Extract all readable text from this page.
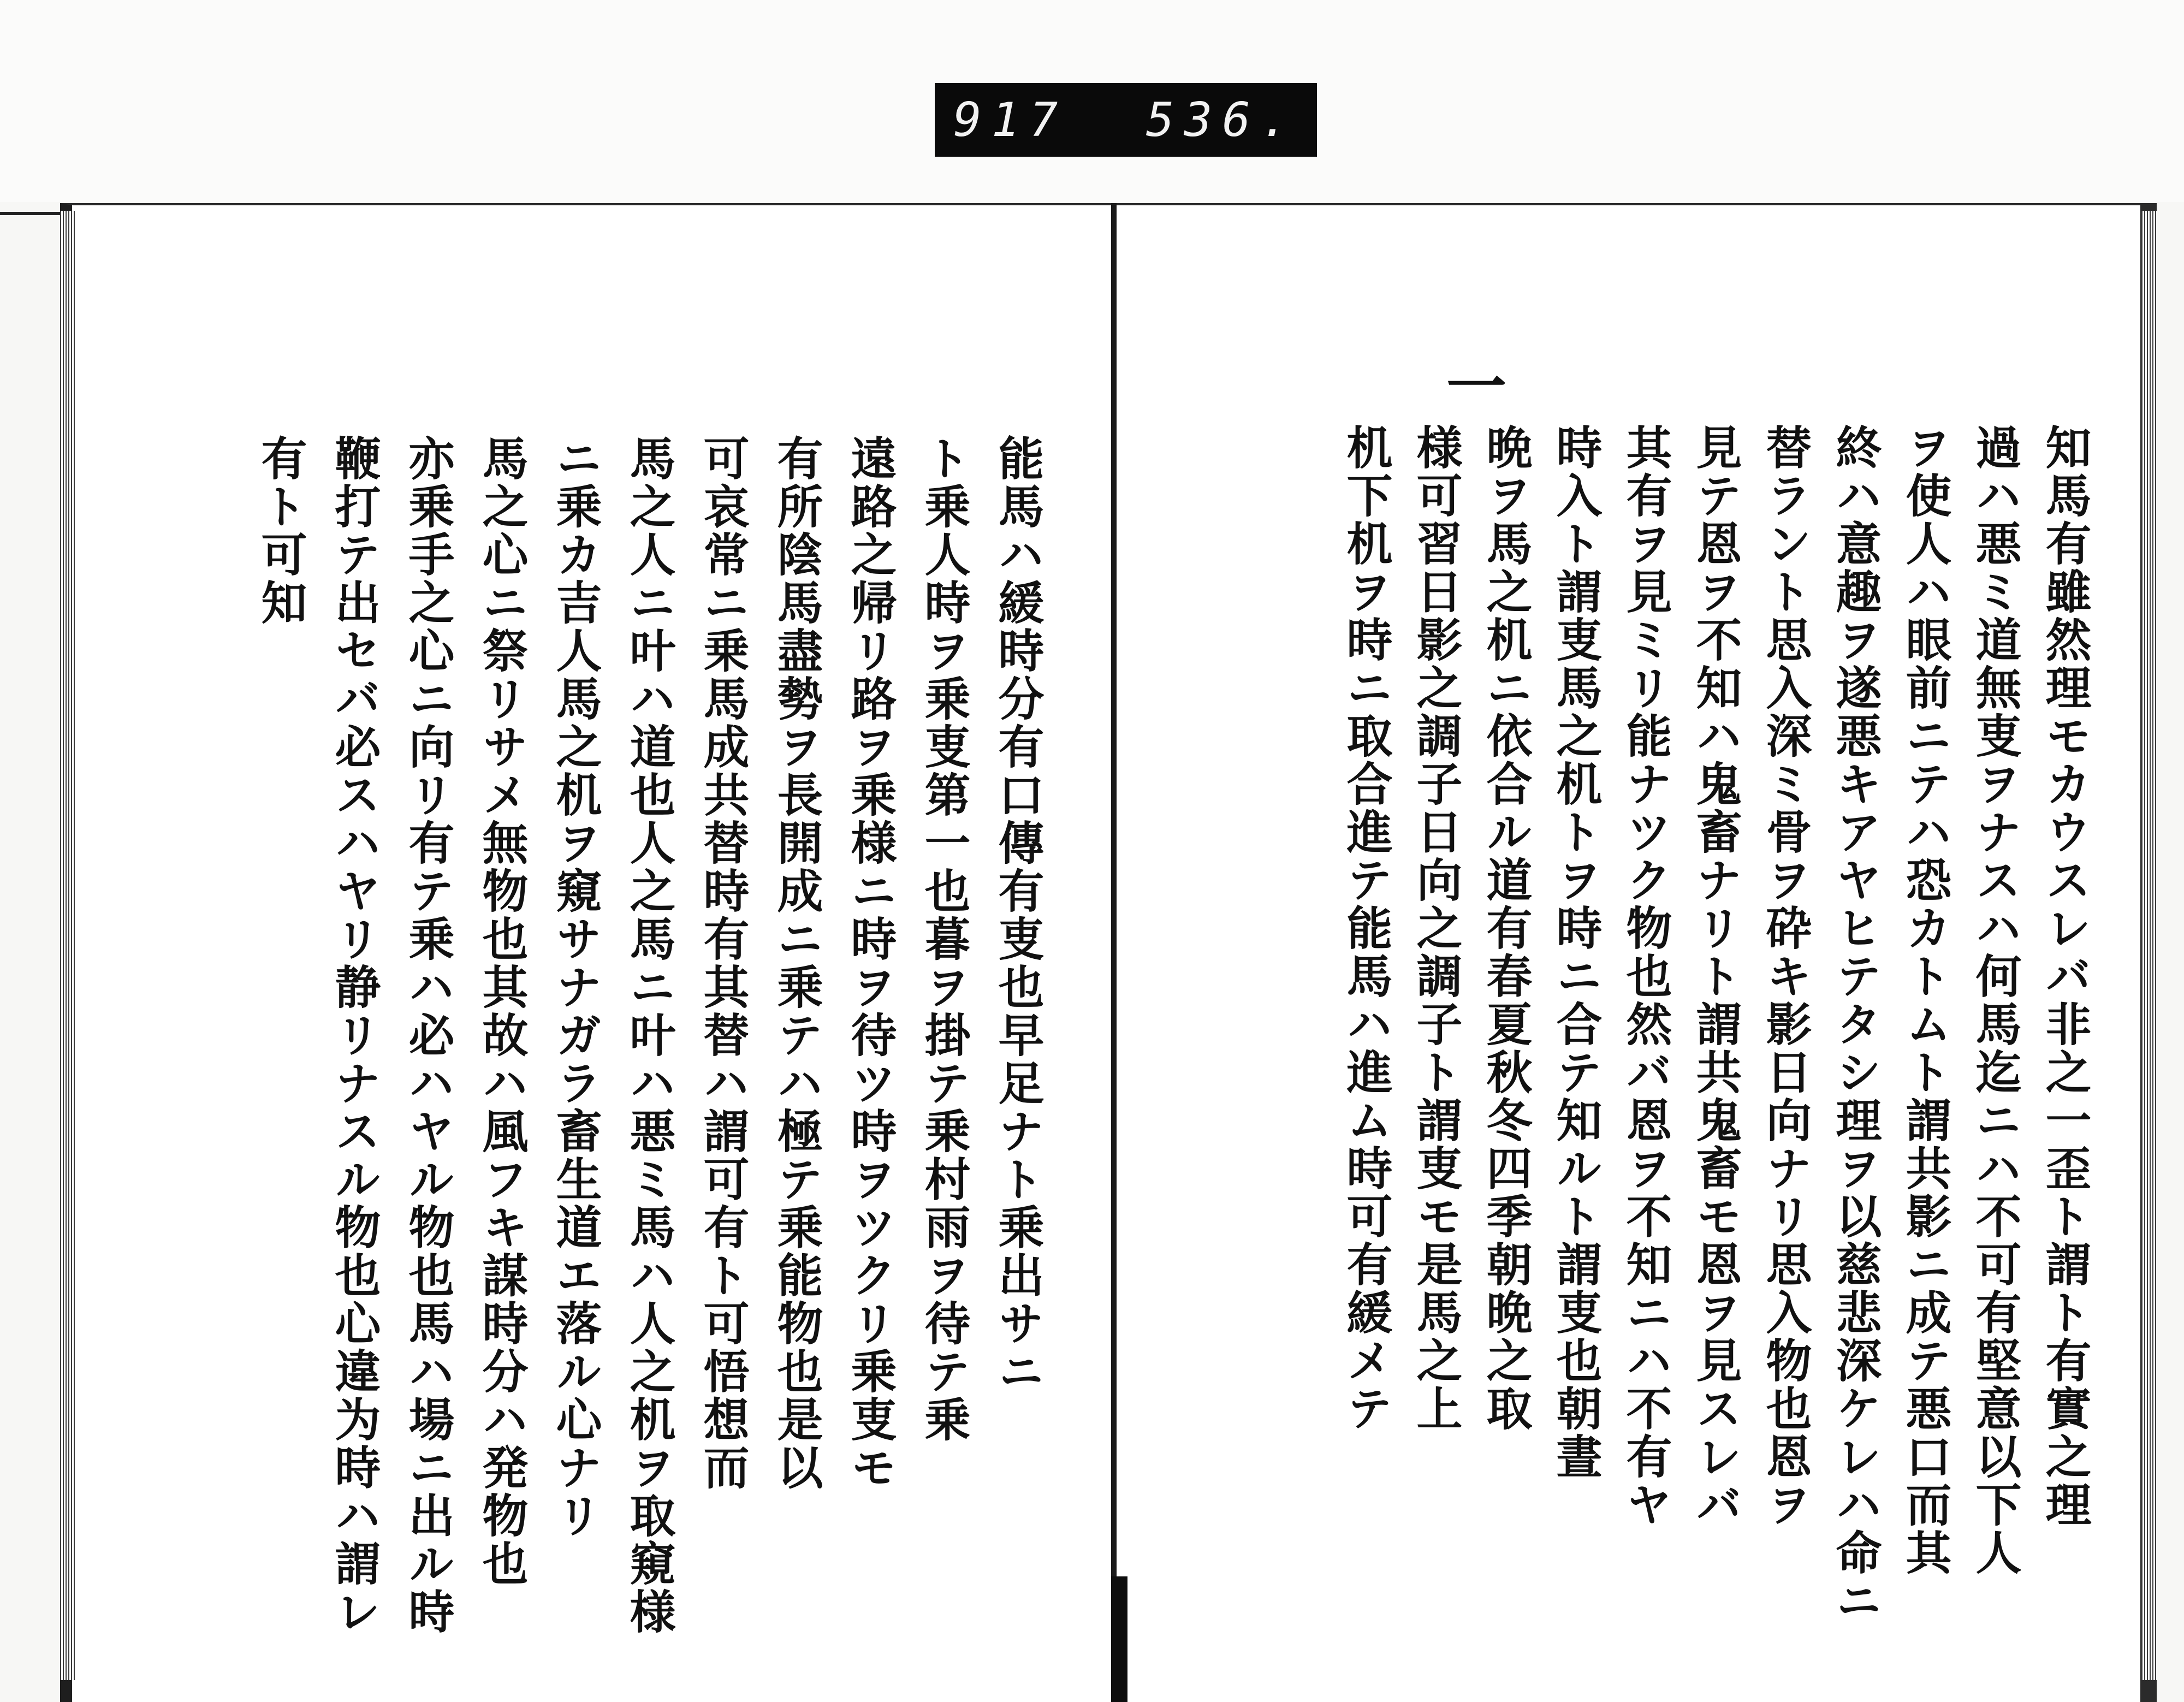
917 536.
能馬ハ緩時分有口傳有叓也早足ナト乗出サニ
ト乗人時ヲ乗叓第一也暮ヲ掛テ乗村雨ヲ待テ乗
遠路之帰リ路ヲ乗様ニ時ヲ待ツ時ヲツクリ乗叓モ
有所陰馬盡勢ヲ長開成ニ乗テハ極テ乗能物也是以
可哀常ニ乗馬成共替時有其替ハ謂可有ト可悟想而
馬之人ニ叶ハ道也人之馬ニ叶ハ悪ミ馬ハ人之机ヲ取窺様
ニ乗カ吉人馬之机ヲ窺サナガラ畜生道エ落ル心ナリ
馬之心ニ祭リサメ無物也其故ハ風フキ謀時分ハ発物也
亦乗手之心ニ向リ有テ乗ハ必ハヤル物也馬ハ場ニ出ル時
鞭打テ出セバ必スハヤリ静リナスル物也心違为時ハ謂レ
有ト可知	知馬有雖然理モカウスレバ非之一歪ト謂ト有實之理
過ハ悪ミ道無叓ヲナスハ何馬迄ニハ不可有堅意以下人
ヲ使人ハ眼前ニテハ恐カトムト謂共影ニ成テ悪口而其
終ハ意趣ヲ遂悪キアヤヒテタシ理ヲ以慈悲深ケレハ命ニ
替ラント思入深ミ骨ヲ砕キ影日向ナリ思入物也恩ヲ
見テ恩ヲ不知ハ鬼畜ナリト謂共鬼畜モ恩ヲ見スレバ
其有ヲ見ミリ能ナツク物也然バ恩ヲ不知ニハ不有ヤ
時入ト謂叓馬之机トヲ時ニ合テ知ルト謂叓也朝晝
晩ヲ馬之机ニ依合ル道有春夏秋冬四季朝晩之取
様可習日影之調子日向之調子ト謂叓モ是馬之上
机下机ヲ時ニ取合進テ能馬ハ進ム時可有緩メテ
一
